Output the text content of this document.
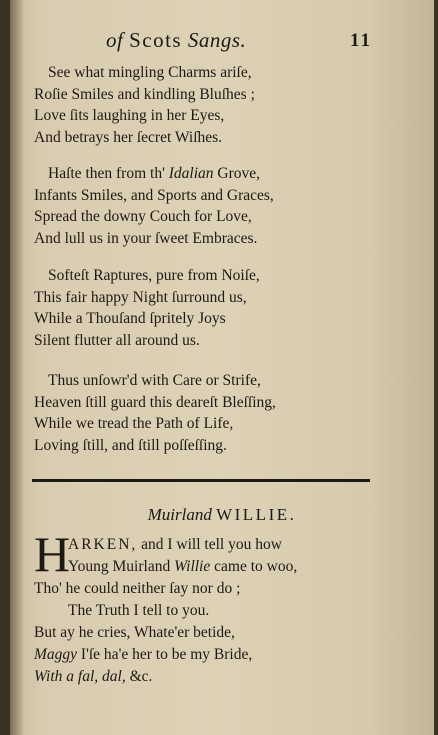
of Scots Sangs.	11
See what mingling Charms ariſe,
Roſie Smiles and kindling Bluſhes ;
Love ſits laughing in her Eyes,
And betrays her ſecret Wiſhes.
Haſte then from th' Idalian Grove,
Infants Smiles, and Sports and Graces,
Spread the downy Couch for Love,
And lull us in your ſweet Embraces.
Softeſt Raptures, pure from Noiſe,
This fair happy Night ſurround us,
While a Thouſand ſpritely Joys
Silent flutter all around us.
Thus unſowr'd with Care or Strife,
Heaven ſtill guard this deareſt Bleſſing,
While we tread the Path of Life,
Loving ſtill, and ſtill poſſeſſing.
Muirland WILLIE.
H
ARKEN, and I will tell you how
Young Muirland Willie came to woo,
Tho' he could neither ſay nor do ;
The Truth I tell to you.
But ay he cries, Whate'er betide,
Maggy I'ſe ha'e her to be my Bride,
With a fal, dal, &c.
